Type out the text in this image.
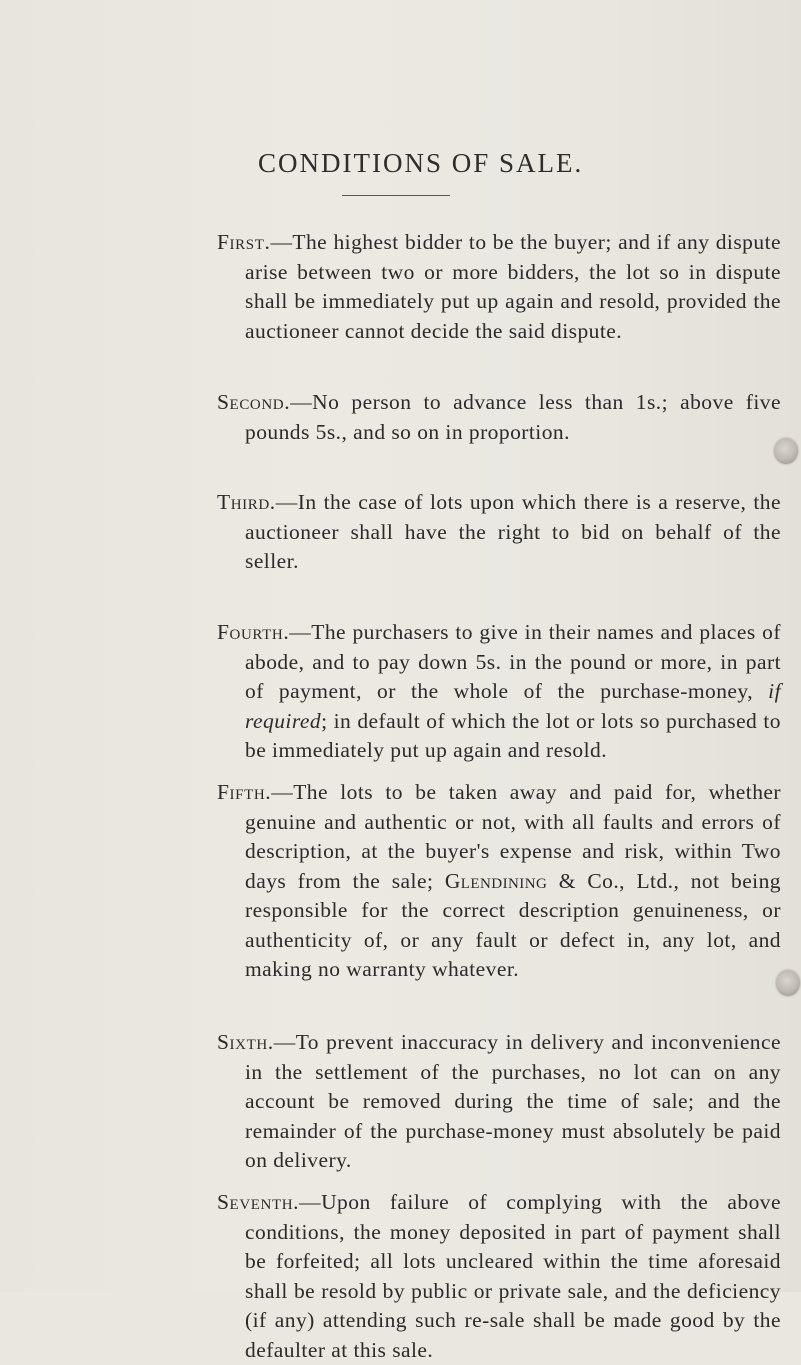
CONDITIONS OF SALE.

First.—The highest bidder to be the buyer; and if any dispute arise between two or more bidders, the lot so in dispute shall be immediately put up again and resold, provided the auctioneer cannot decide the said dispute.

Second.—No person to advance less than 1s.; above five pounds 5s., and so on in proportion.

Third.—In the case of lots upon which there is a reserve, the auctioneer shall have the right to bid on behalf of the seller.

Fourth.—The purchasers to give in their names and places of abode, and to pay down 5s. in the pound or more, in part of payment, or the whole of the purchase-money, if required; in default of which the lot or lots so purchased to be immediately put up again and resold.

Fifth.—The lots to be taken away and paid for, whether genuine and authentic or not, with all faults and errors of description, at the buyer's expense and risk, within Two days from the sale; Glendining & Co., Ltd., not being responsible for the correct description genuineness, or authenticity of, or any fault or defect in, any lot, and making no warranty whatever.

Sixth.—To prevent inaccuracy in delivery and inconvenience in the settlement of the purchases, no lot can on any account be removed during the time of sale; and the remainder of the purchase-money must absolutely be paid on delivery.

Seventh.—Upon failure of complying with the above conditions, the money deposited in part of payment shall be forfeited; all lots uncleared within the time aforesaid shall be resold by public or private sale, and the deficiency (if any) attending such re-sale shall be made good by the defaulter at this sale.
